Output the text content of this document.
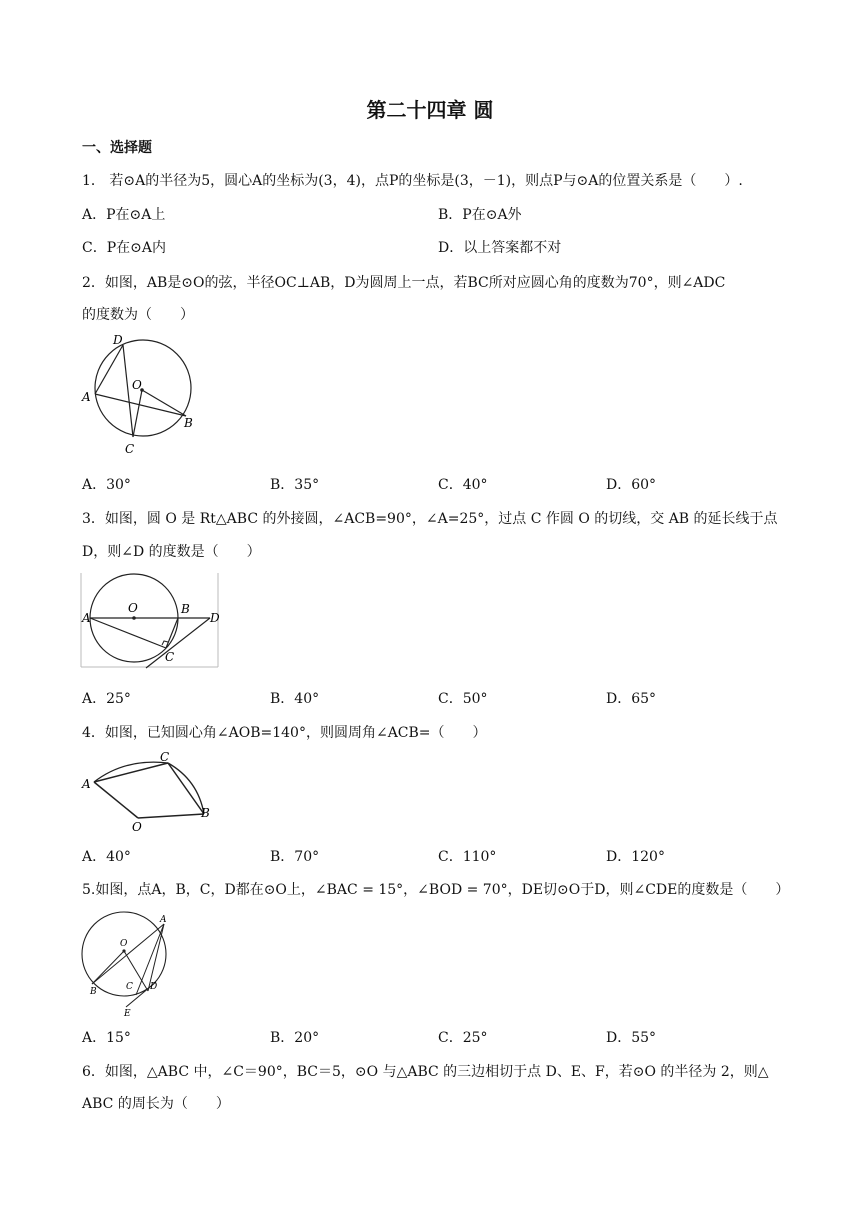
第二十四章 圆
一、选择题
1． 若⊙A的半径为5，圆心A的坐标为(3，4)，点P的坐标是(3，－1)，则点P与⊙A的位置关系是（　　）.
A．P在⊙A上	B．P在⊙A外
C．P在⊙A内	D．以上答案都不对
2．如图，AB是⊙O的弦，半径OC⊥AB，D为圆周上一点，若BC所对应圆心角的度数为70°，则∠ADC
的度数为（　　）
D
O
A
B
C
A．30°	B．35°	C．40°	D．60°
3．如图，圆 O 是 Rt△ABC 的外接圆，∠ACB=90°，∠A=25°，过点 C 作圆 O 的切线，交 AB 的延长线于点
D，则∠D 的度数是（　　）
A
O	B
D
C
A．25°	B．40°	C．50°	D．65°
4．如图，已知圆心角∠AOB=140°，则圆周角∠ACB=（　　）
C
A
O
B
A．40°	B．70°	C．110°	D．120°
5.如图，点A，B，C，D都在⊙O上，∠BAC = 15°，∠BOD = 70°，DE切⊙O于D，则∠CDE的度数是（　　）
A
O
B	C D
E
A．15°	B．20°	C．25°	D．55°
6．如图，△ABC 中，∠C＝90°，BC＝5，⊙O 与△ABC 的三边相切于点 D、E、F，若⊙O 的半径为 2，则△
ABC 的周长为（　　）
